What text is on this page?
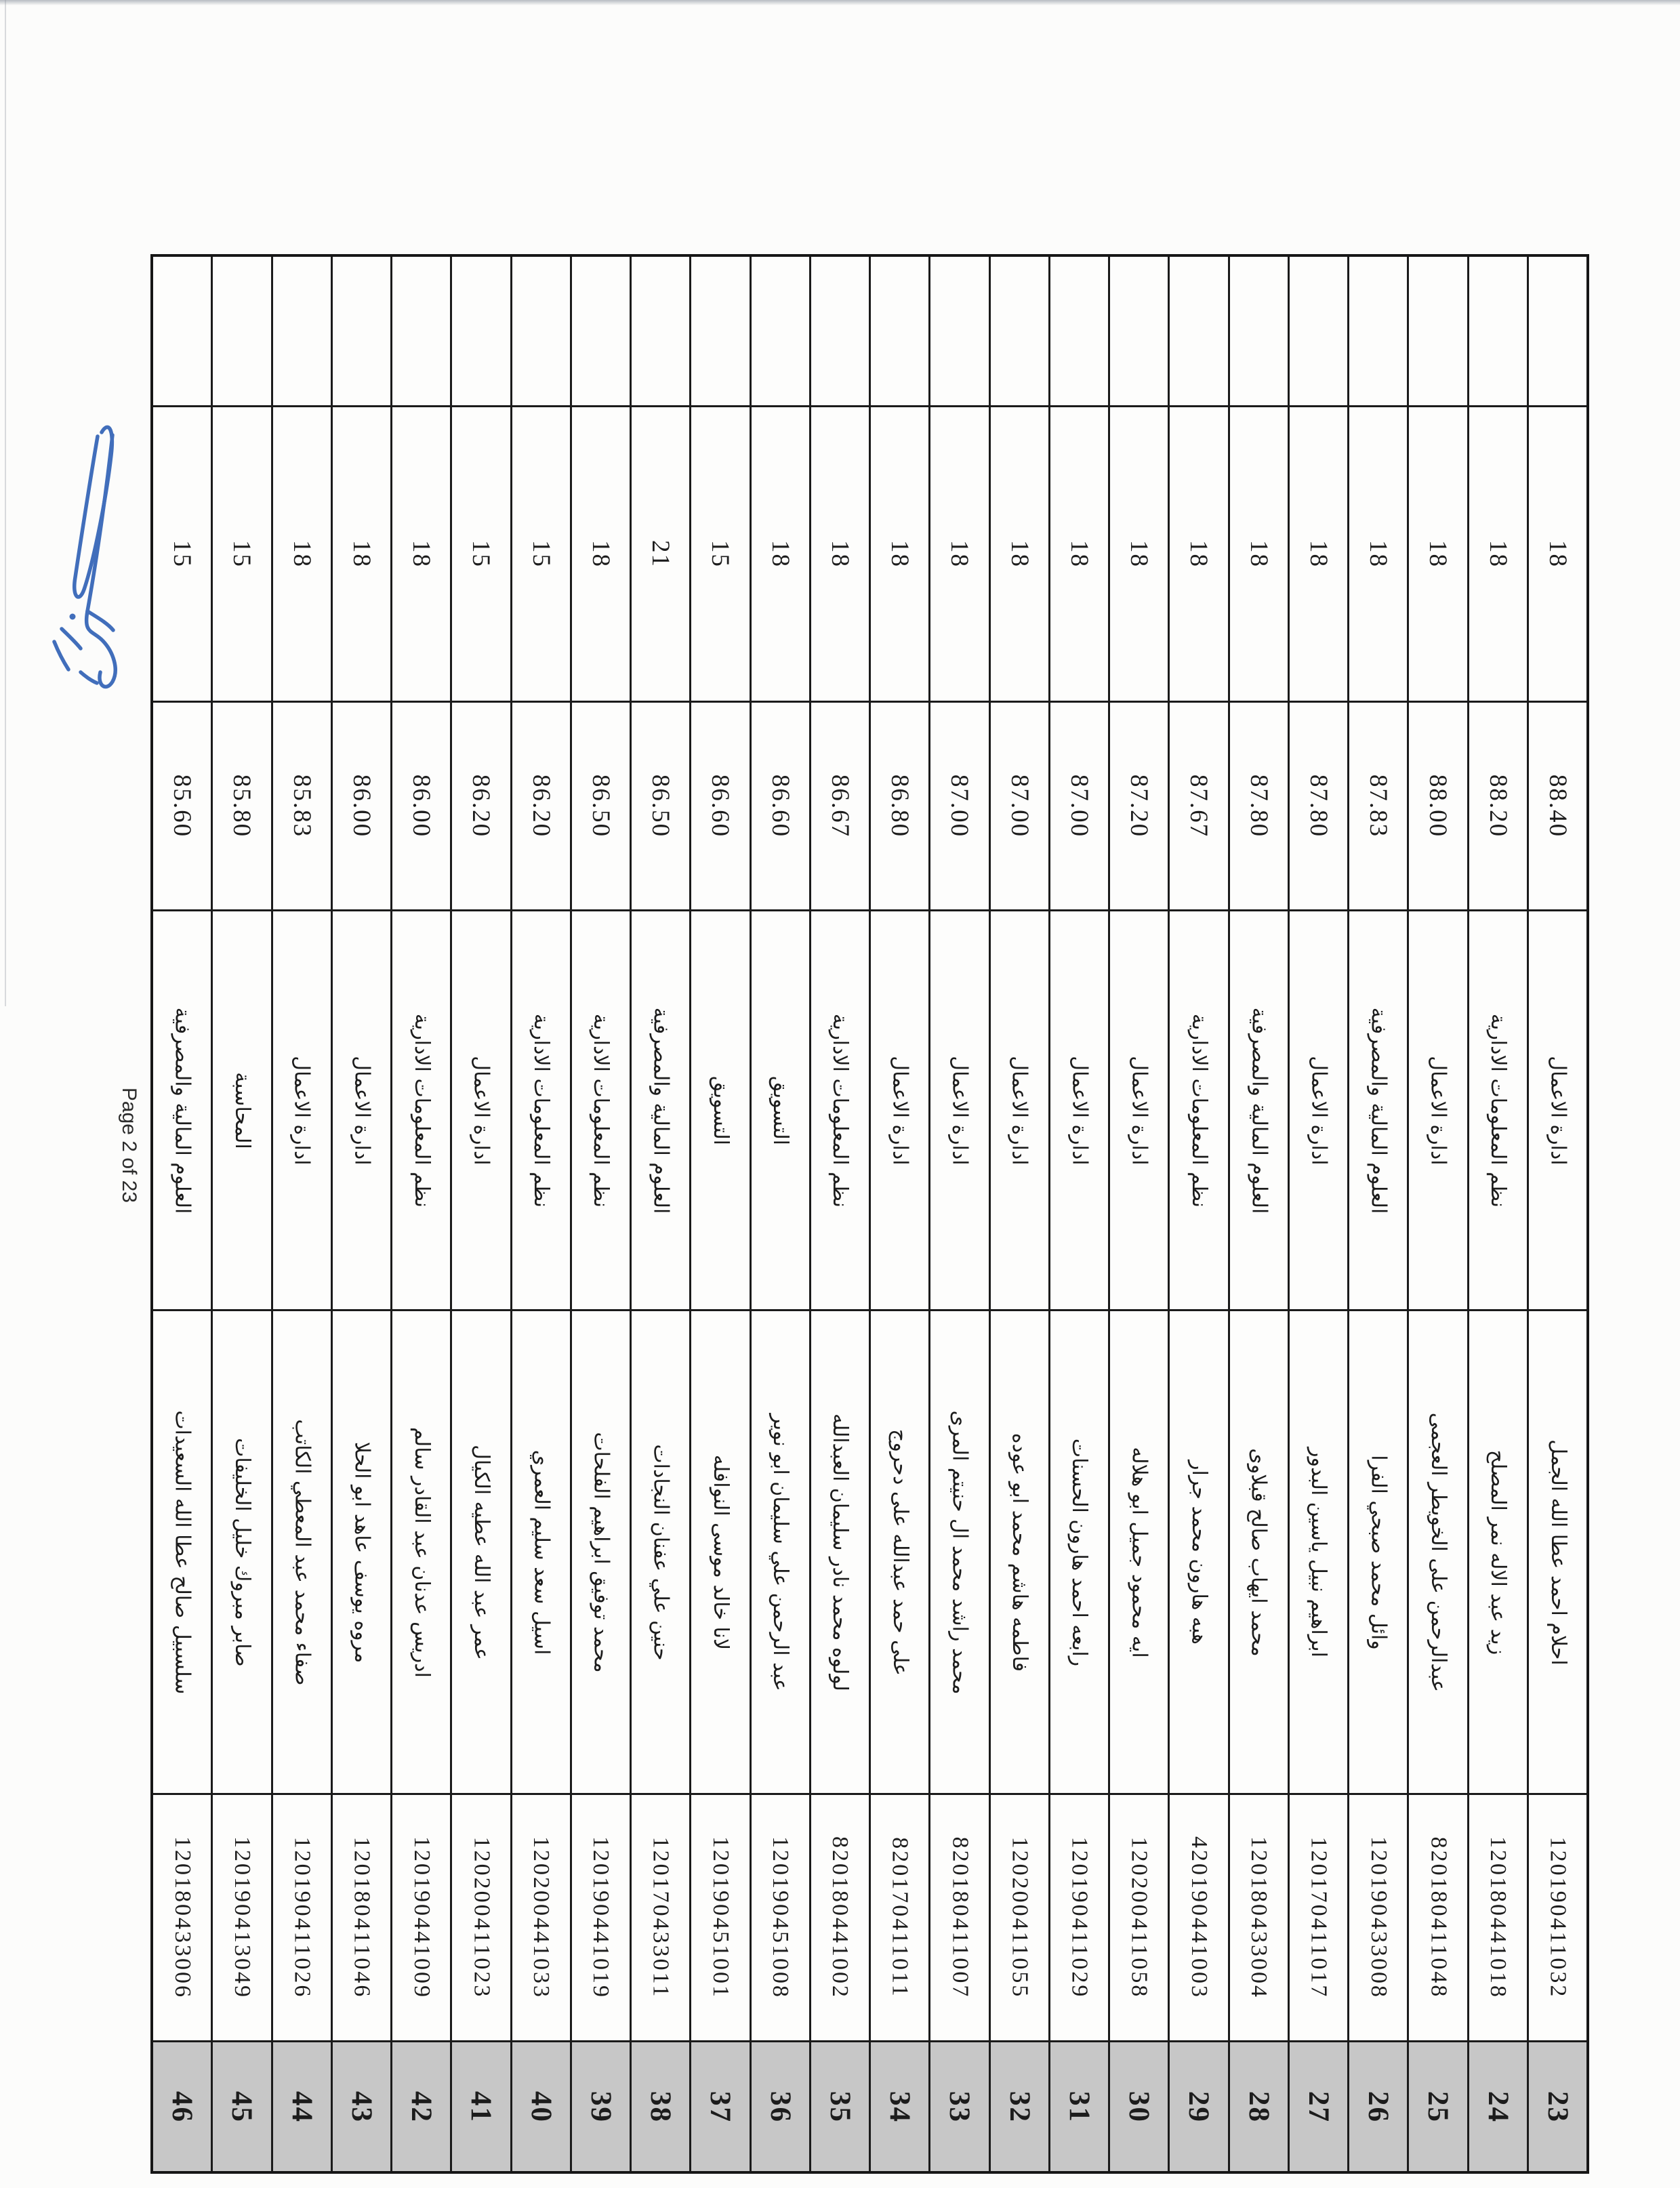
Page 2 of 23
18
88.40
ادارة الاعمال
احلام احمد عطا الله الجمل
120190411032
23
18
88.20
نظم المعلومات الادارية
زيد عبد الاله نمر المصلح
120180441018
24
18
88.00
ادارة الاعمال
عبدالرحمن على الخويطر العجمى
820180411048
25
18
87.83
العلوم المالية والمصرفية
وائل محمد صبحي الفرا
120190433008
26
18
87.80
ادارة الاعمال
ابراهيم نبيل ياسين البدور
120170411017
27
18
87.80
العلوم المالية والمصرفية
محمد ايهاب صالح قبلاوى
120180433004
28
18
87.67
نظم المعلومات الادارية
هبه هارون محمد جرار
420190441003
29
18
87.20
ادارة الاعمال
ايه محمود جميل ابو هلاله
120200411058
30
18
87.00
ادارة الاعمال
رابعه احمد هارون الحسنات
120190411029
31
18
87.00
ادارة الاعمال
فاطمه هاشم محمد ابو عوده
120200411055
32
18
87.00
ادارة الاعمال
محمد راشد محمد ال حنيتم المرى
820180411007
33
18
86.80
ادارة الاعمال
على حمد عبدالله على دحروج
820170411011
34
18
86.67
نظم المعلومات الادارية
لولوه محمد نادر سليمان العبدالله
820180441002
35
18
86.60
التسويق
عبد الرحمن علي سليمان ابو نوير
120190451008
36
15
86.60
التسويق
لانا خالد موسى النوافله
120190451001
37
21
86.50
العلوم المالية والمصرفية
حنين علي عفنان النجادات
120170433011
38
18
86.50
نظم المعلومات الادارية
محمد توفيق ابراهيم الفلحات
120190441019
39
15
86.20
نظم المعلومات الادارية
اسيل سعد سليم العمري
120200441033
40
15
86.20
ادارة الاعمال
عمر عبد الله عطيه الكيال
120200411023
41
18
86.00
نظم المعلومات الادارية
ادريس عدنان عبد القادر سالم
120190441009
42
18
86.00
ادارة الاعمال
مروه يوسف عاهد ابو الحلا
120180411046
43
18
85.83
ادارة الاعمال
صفاء محمد عبد المعطي الكاتب
120190411026
44
15
85.80
المحاسبة
صابر مبروك خليل الخليفات
120190413049
45
15
85.60
العلوم المالية والمصرفية
سلسبيل صالح عطا الله السعيدات
120180433006
46
